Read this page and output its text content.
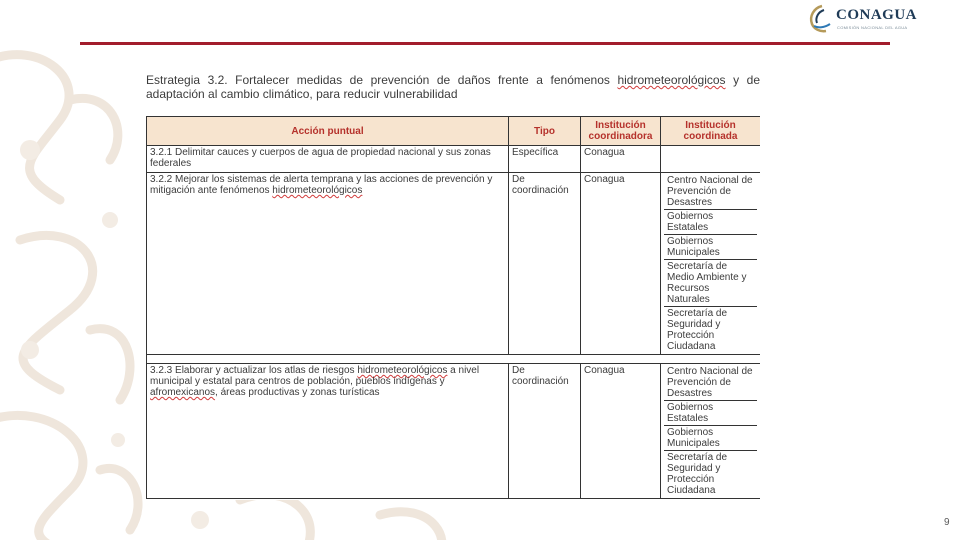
CONAGUA
COMISIÓN NACIONAL DEL AGUA

Estrategia 3.2. Fortalecer medidas de prevención de daños frente a fenómenos hidrometeorológicos y de adaptación al cambio climático, para reducir vulnerabilidad

Acción puntual	Tipo	Institución coordinadora	Institución coordinada
3.2.1 Delimitar cauces y cuerpos de agua de propiedad nacional y sus zonas federales	Específica	Conagua	
3.2.2 Mejorar los sistemas de alerta temprana y las acciones de prevención y mitigación ante fenómenos hidrometeorológicos	De coordinación	Conagua	Centro Nacional de Prevención de Desastres
Gobiernos Estatales
Gobiernos Municipales
Secretaría de Medio Ambiente y Recursos Naturales
Secretaría de Seguridad y Protección Ciudadana

3.2.3 Elaborar y actualizar los atlas de riesgos hidrometeorológicos a nivel municipal y estatal para centros de población, pueblos indígenas y afromexicanos, áreas productivas y zonas turísticas	De coordinación	Conagua	Centro Nacional de Prevención de Desastres
Gobiernos Estatales
Gobiernos Municipales
Secretaría de Seguridad y Protección Ciudadana
9
